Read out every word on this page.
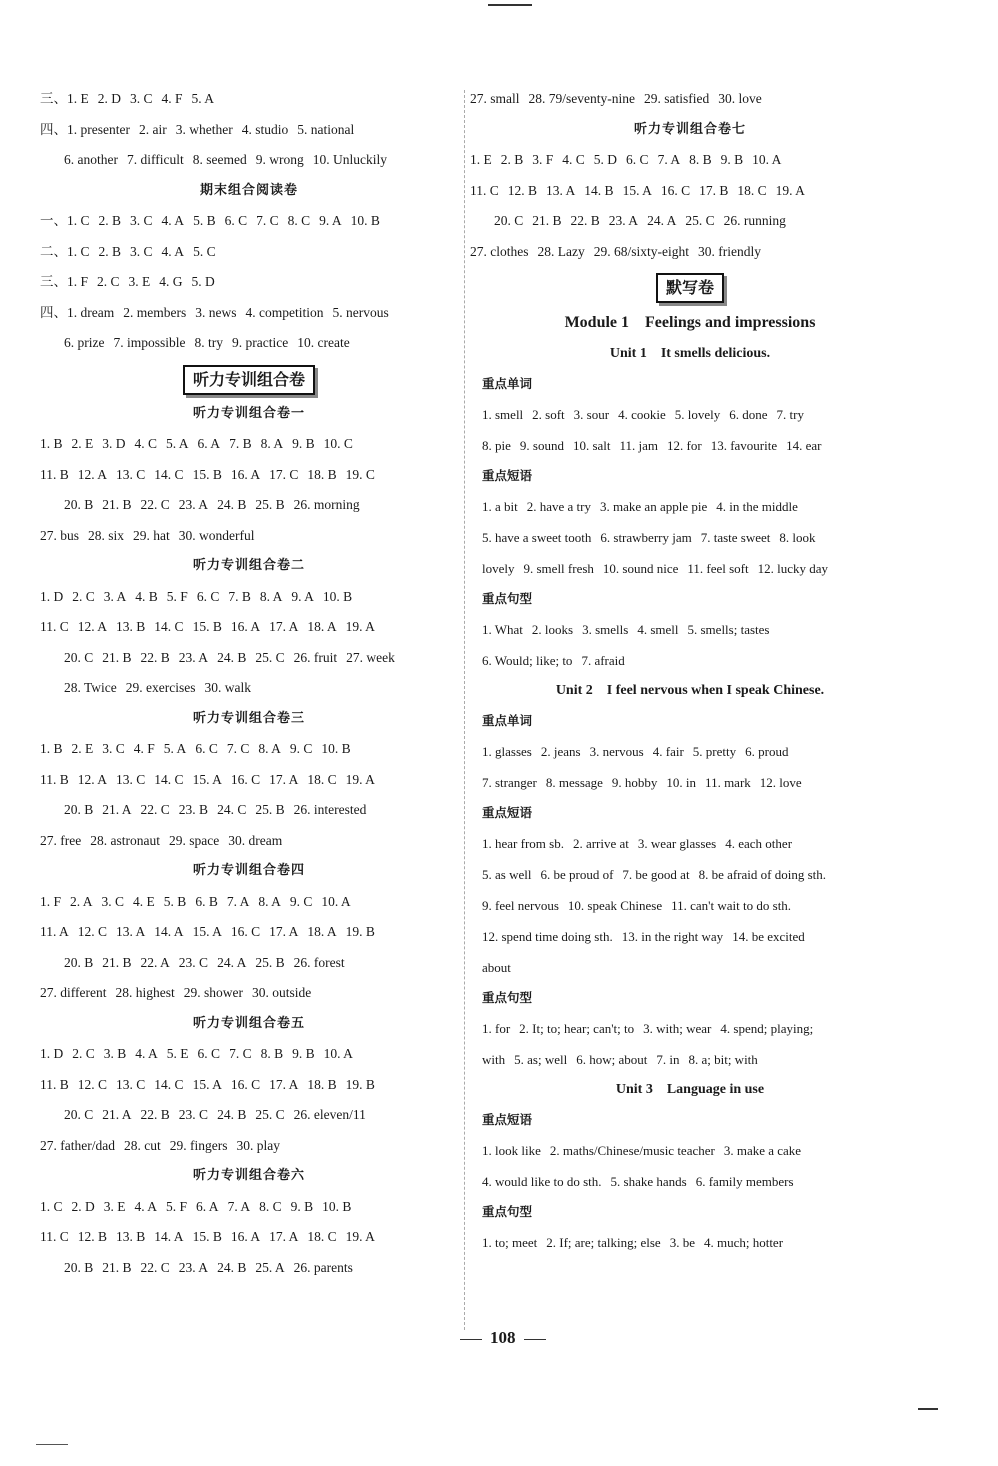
三、1. E 2. D 3. C 4. F 5. A
四、1. presenter 2. air 3. whether 4. studio 5. national
6. another 7. difficult 8. seemed 9. wrong 10. Unluckily
期末组合阅读卷
一、1. C 2. B 3. C 4. A 5. B 6. C 7. C 8. C 9. A 10. B
二、1. C 2. B 3. C 4. A 5. C
三、1. F 2. C 3. E 4. G 5. D
四、1. dream 2. members 3. news 4. competition 5. nervous
6. prize 7. impossible 8. try 9. practice 10. create
听力专训组合卷
听力专训组合卷一
1. B 2. E 3. D 4. C 5. A 6. A 7. B 8. A 9. B 10. C
11. B 12. A 13. C 14. C 15. B 16. A 17. C 18. B 19. C
20. B 21. B 22. C 23. A 24. B 25. B 26. morning
27. bus 28. six 29. hat 30. wonderful
听力专训组合卷二
1. D 2. C 3. A 4. B 5. F 6. C 7. B 8. A 9. A 10. B
11. C 12. A 13. B 14. C 15. B 16. A 17. A 18. A 19. A
20. C 21. B 22. B 23. A 24. B 25. C 26. fruit 27. week
28. Twice 29. exercises 30. walk
听力专训组合卷三
1. B 2. E 3. C 4. F 5. A 6. C 7. C 8. A 9. C 10. B
11. B 12. A 13. C 14. C 15. A 16. C 17. A 18. C 19. A
20. B 21. A 22. C 23. B 24. C 25. B 26. interested
27. free 28. astronaut 29. space 30. dream
听力专训组合卷四
1. F 2. A 3. C 4. E 5. B 6. B 7. A 8. A 9. C 10. A
11. A 12. C 13. A 14. A 15. A 16. C 17. A 18. A 19. B
20. B 21. B 22. A 23. C 24. A 25. B 26. forest
27. different 28. highest 29. shower 30. outside
听力专训组合卷五
1. D 2. C 3. B 4. A 5. E 6. C 7. C 8. B 9. B 10. A
11. B 12. C 13. C 14. C 15. A 16. C 17. A 18. B 19. B
20. C 21. A 22. B 23. C 24. B 25. C 26. eleven/11
27. father/dad 28. cut 29. fingers 30. play
听力专训组合卷六
1. C 2. D 3. E 4. A 5. F 6. A 7. A 8. C 9. B 10. B
11. C 12. B 13. B 14. A 15. B 16. A 17. A 18. C 19. A
20. B 21. B 22. C 23. A 24. B 25. A 26. parents
27. small 28. 79/seventy-nine 29. satisfied 30. love
听力专训组合卷七
1. E 2. B 3. F 4. C 5. D 6. C 7. A 8. B 9. B 10. A
11. C 12. B 13. A 14. B 15. A 16. C 17. B 18. C 19. A
20. C 21. B 22. B 23. A 24. A 25. C 26. running
27. clothes 28. Lazy 29. 68/sixty-eight 30. friendly
默写卷
Module 1    Feelings and impressions
Unit 1    It smells delicious.
重点单词
1. smell 2. soft 3. sour 4. cookie 5. lovely 6. done 7. try
8. pie 9. sound 10. salt 11. jam 12. for 13. favourite 14. ear
重点短语
1. a bit 2. have a try 3. make an apple pie 4. in the middle
5. have a sweet tooth 6. strawberry jam 7. taste sweet 8. look
lovely 9. smell fresh 10. sound nice 11. feel soft 12. lucky day
重点句型
1. What 2. looks 3. smells 4. smell 5. smells; tastes
6. Would; like; to 7. afraid
Unit 2    I feel nervous when I speak Chinese.
重点单词
1. glasses 2. jeans 3. nervous 4. fair 5. pretty 6. proud
7. stranger 8. message 9. hobby 10. in 11. mark 12. love
重点短语
1. hear from sb. 2. arrive at 3. wear glasses 4. each other
5. as well 6. be proud of 7. be good at 8. be afraid of doing sth.
9. feel nervous 10. speak Chinese 11. can't wait to do sth.
12. spend time doing sth. 13. in the right way 14. be excited
about
重点句型
1. for 2. It; to; hear; can't; to 3. with; wear 4. spend; playing;
with 5. as; well 6. how; about 7. in 8. a; bit; with
Unit 3    Language in use
重点短语
1. look like 2. maths/Chinese/music teacher 3. make a cake
4. would like to do sth. 5. shake hands 6. family members
重点句型
1. to; meet 2. If; are; talking; else 3. be 4. much; hotter
108
